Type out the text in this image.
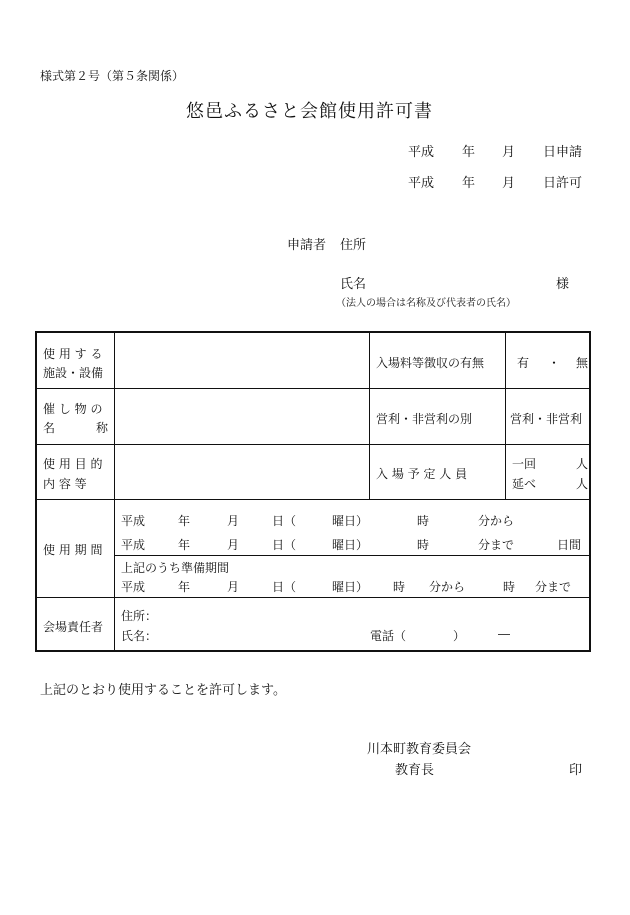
様式第２号（第５条関係）
悠邑ふるさと会館使用許可書
平成 年 月 日申請
平成 年 月 日許可
申請者 住所
氏名	様
（法人の場合は名称及び代表者の氏名）
使 用 す る
施設・設備
入場料等徴収の有無	有 ・ 無
催 し 物 の
名	称
営利・非営利の別	営利・非営利
使 用 目 的
内 容 等
入 場 予 定 人 員
一回	人
延べ	人
使 用 期 間
平成	年	月	日（	曜日）	時	分から
平成	年	月	日（	曜日）	時	分まで	日間
上記のうち準備期間
平成	年	月	日（	曜日） 時 分から	時 分まで
会場責任者
住所：
氏名：	電話（	）	―
上記のとおり使用することを許可します。
川本町教育委員会
教育長	印
